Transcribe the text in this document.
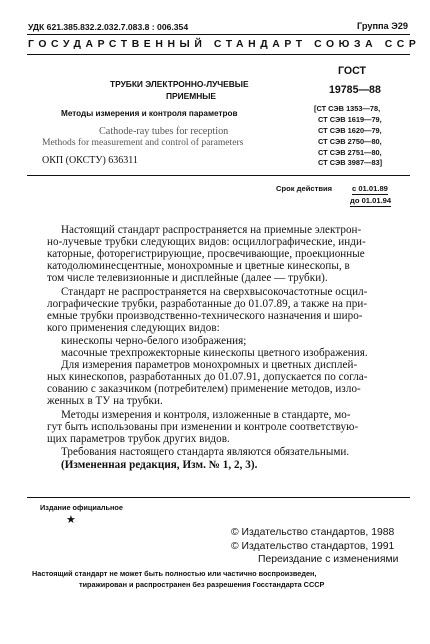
УДК 621.385.832.2.032.7.083.8 : 006.354	Группа Э29
ГОСУДАРСТВЕННЫЙ СТАНДАРТ СОЮЗА ССР
ТРУБКИ ЭЛЕКТРОННО-ЛУЧЕВЫЕ
ПРИЕМНЫЕ
Методы измерения и контроля параметров
Cathode-ray tubes for reception
Methods for measurement and control of parameters
ОКП (ОКСТУ) 636311
ГОСТ
19785—88
[СТ СЭВ 1353—78,
СТ СЭВ 1619—79,
СТ СЭВ 1620—79,
СТ СЭВ 2750—80,
СТ СЭВ 2751—80,
СТ СЭВ 3987—83]
Срок действия	с 01.01.89
до 01.01.94
Настоящий стандарт распространяется на приемные электрон-
но-лучевые трубки следующих видов: осциллографические, инди-
каторные, фоторегистрирующие, просвечивающие, проекционные
катодолюминесцентные, монохромные и цветные кинескопы, в
том числе телевизионные и дисплейные (далее — трубки).
Стандарт не распространяется на сверхвысокочастотные осцил-
лографические трубки, разработанные до 01.07.89, а также на при-
емные трубки производственно-технического назначения и широ-
кого применения следующих видов:
кинескопы черно-белого изображения;
масочные трехпрожекторные кинескопы цветного изображения.
Для измерения параметров монохромных и цветных дисплей-
ных кинескопов, разработанных до 01.07.91, допускается по согла-
сованию с заказчиком (потребителем) применение методов, изло-
женных в ТУ на трубки.
Методы измерения и контроля, изложенные в стандарте, мо-
гут быть использованы при изменении и контроле соответствую-
щих параметров трубок других видов.
Требования настоящего стандарта являются обязательными.
(Измененная редакция, Изм. № 1, 2, 3).
Издание официальное
★
© Издательство стандартов, 1988
© Издательство стандартов, 1991
Переиздание с изменениями
Настоящий стандарт не может быть полностью или частично воспроизведен,
тиражирован и распространен без разрешения Госстандарта СССР
